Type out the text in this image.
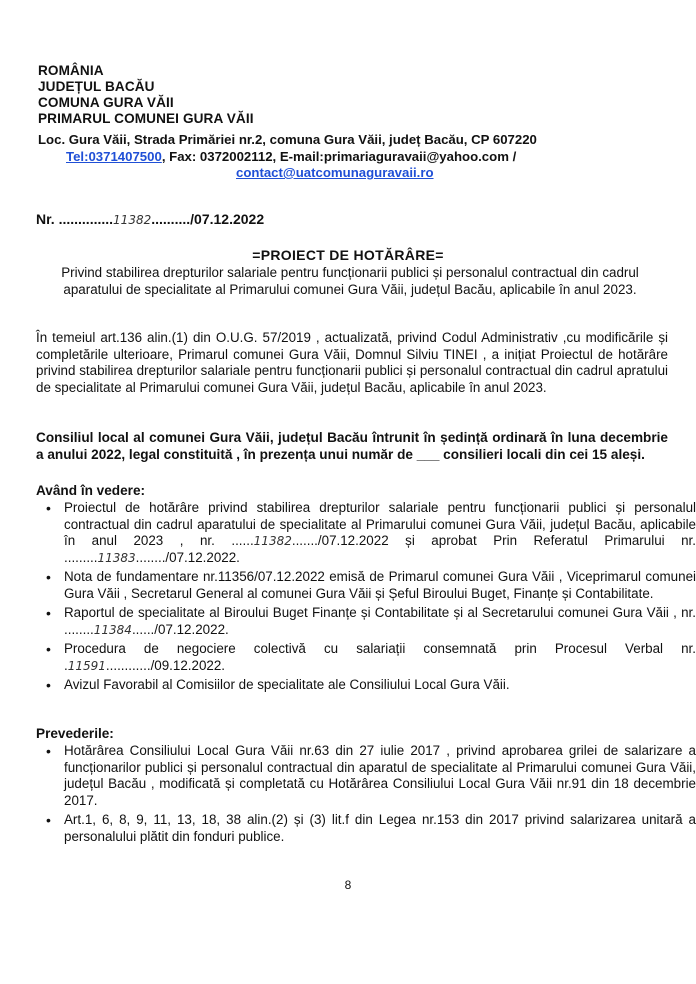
ROMÂNIA
JUDEȚUL BACĂU
COMUNA GURA VĂII
PRIMARUL COMUNEI GURA VĂII
Loc. Gura Văii, Strada Primăriei nr.2, comuna Gura Văii, județ Bacău, CP 607220
Tel:0371407500, Fax: 0372002112, E-mail:primariaguravaii@yahoo.com /
contact@uatcomunaguravaii.ro
Nr. ..............11382........../07.12.2022
=PROIECT DE HOTĂRÂRE=
Privind stabilirea drepturilor salariale pentru funcționarii publici și personalul contractual din cadrul aparatului de specialitate al Primarului comunei Gura Văii, județul Bacău, aplicabile în anul 2023.
În temeiul art.136 alin.(1) din O.U.G. 57/2019 , actualizată, privind Codul Administrativ ,cu modificările și completările ulterioare, Primarul comunei Gura Văii, Domnul Silviu TINEI , a inițiat Proiectul de hotărâre privind stabilirea drepturilor salariale pentru funcționarii publici și personalul contractual din cadrul apratului de specialitate al Primarului comunei Gura Văii, județul Bacău, aplicabile în anul 2023.
Consiliul local al comunei Gura Văii, județul Bacău întrunit în ședință ordinară în luna decembrie a anului 2022, legal constituită , în prezența unui număr de ___ consilieri locali din cei 15 aleși.
Având în vedere:
• Proiectul de hotărâre privind stabilirea drepturilor salariale pentru funcționarii publici și personalul contractual din cadrul aparatului de specialitate al Primarului comunei Gura Văii, județul Bacău, aplicabile în anul 2023 , nr. ......11382......./07.12.2022 și aprobat Prin Referatul Primarului nr. .........11383......../07.12.2022.
• Nota de fundamentare nr.11356/07.12.2022 emisă de Primarul comunei Gura Văii , Viceprimarul comunei Gura Văii , Secretarul General al comunei Gura Văii și Șeful Biroului Buget, Finanțe și Contabilitate.
• Raportul de specialitate al Biroului Buget Finanțe și Contabilitate și al Secretarului comunei Gura Văii , nr. ........11384....../07.12.2022.
• Procedura de negociere colectivă cu salariații consemnată prin Procesul Verbal nr. .11591............/09.12.2022.
• Avizul Favorabil al Comisiilor de specialitate ale Consiliului Local Gura Văii.
Prevederile:
• Hotărârea Consiliului Local Gura Văii nr.63 din 27 iulie 2017 , privind aprobarea grilei de salarizare a funcționarilor publici și personalul contractual din aparatul de specialitate al Primarului comunei Gura Văii, județul Bacău , modificată și completată cu Hotărârea Consiliului Local Gura Văii nr.91 din 18 decembrie 2017.
• Art.1, 6, 8, 9, 11, 13, 18, 38 alin.(2) și (3) lit.f din Legea nr.153 din 2017 privind salarizarea unitară a personalului plătit din fonduri publice.
8
